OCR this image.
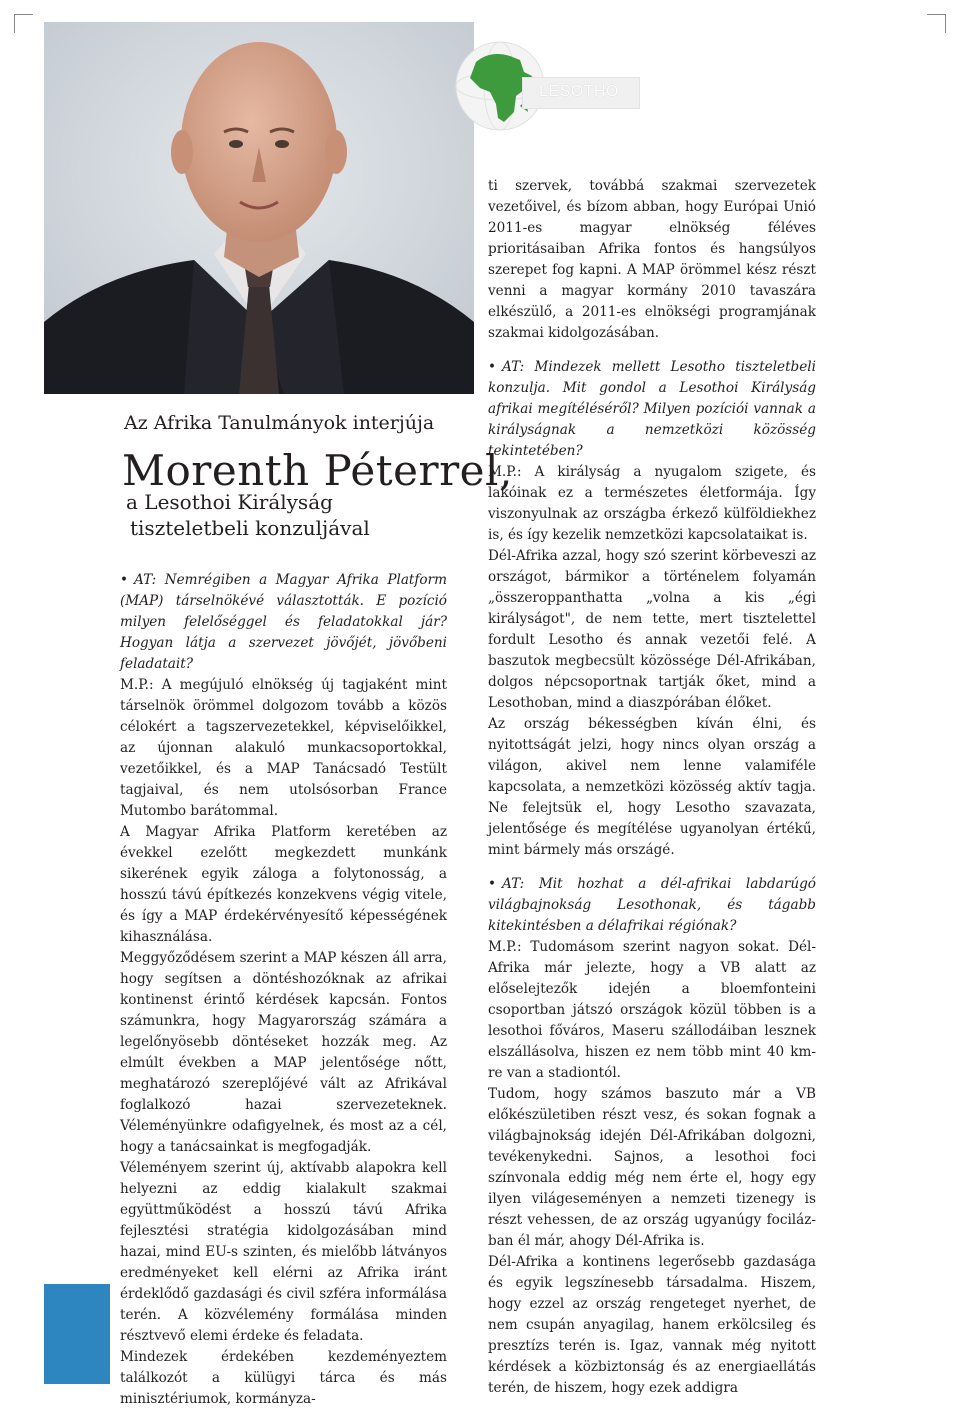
LESOTHO
Az Afrika Tanulmányok interjúja
Morenth Péterrel,
a Lesothoi Királyság
tiszteletbeli konzuljával

• AT: Nemrégiben a Magyar Afrika Platform (MAP) társelnökévé választották. E pozíció milyen felelőséggel és feladatokkal jár? Hogyan látja a szervezet jövőjét, jövőbeni feladatait?

M.P.: A megújuló elnökség új tagjaként mint társelnök örömmel dolgozom tovább a közös célokért a tagszervezetekkel, képviselőikkel, az újonnan alakuló munkacsoportokkal, vezetőikkel, és a MAP Tanácsadó Testült tagjaival, és nem utolsósorban France Mutombo barátommal.

A Magyar Afrika Platform keretében az évekkel ezelőtt megkezdett munkánk sikerének egyik záloga a folytonosság, a hosszú távú építkezés konzekvens végig vitele, és így a MAP érdekérvényesítő képességének kihasználása.

Meggyőződésem szerint a MAP készen áll arra, hogy segítsen a döntéshozóknak az afrikai kontinenst érintő kérdések kapcsán. Fontos számunkra, hogy Magyarország számára a legelőnyösebb döntéseket hozzák meg. Az elmúlt években a MAP jelentősége nőtt, meghatározó szereplőjévé vált az Afrikával foglalkozó hazai szervezeteknek. Véleményünkre odafigyelnek, és most az a cél, hogy a tanácsainkat is megfogadják.

Véleményem szerint új, aktívabb alapokra kell helyezni az eddig kialakult szakmai együttműködést a hosszú távú Afrika fejlesztési stratégia kidolgozásában mind hazai, mind EU-s szinten, és mielőbb látványos eredményeket kell elérni az Afrika iránt érdeklődő gazdasági és civil szféra informálása terén. A közvélemény formálása minden résztvevő elemi érdeke és feladata.

Mindezek érdekében kezdeményeztem találkozót a külügyi tárca és más minisztériumok, kormányza-

ti szervek, továbbá szakmai szervezetek vezetőivel, és bízom abban, hogy Európai Unió 2011-es magyar elnökség féléves prioritásaiban Afrika fontos és hangsúlyos szerepet fog kapni. A MAP örömmel kész részt venni a magyar kormány 2010 tavaszára elkészülő, a 2011-es elnökségi programjának szakmai kidolgozásában.

• AT: Mindezek mellett Lesotho tiszteletbeli konzulja. Mit gondol a Lesothoi Királyság afrikai megítéléséről? Milyen pozíciói vannak a királyságnak a nemzetközi közösség tekintetében?

M.P.: A királyság a nyugalom szigete, és lakóinak ez a természetes életformája. Így viszonyulnak az országba érkező külföldiekhez is, és így kezelik nemzetközi kapcsolataikat is.

Dél-Afrika azzal, hogy szó szerint körbeveszi az országot, bármikor a történelem folyamán „összeroppanthatta „volna a kis „égi királyságot", de nem tette, mert tisztelettel fordult Lesotho és annak vezetői felé. A baszutok megbecsült közössége Dél-Afrikában, dolgos népcsoportnak tartják őket, mind a Lesothoban, mind a diaszpórában élőket.

Az ország békességben kíván élni, és nyitottságát jelzi, hogy nincs olyan ország a világon, akivel nem lenne valamiféle kapcsolata, a nemzetközi közösség aktív tagja. Ne felejtsük el, hogy Lesotho szavazata, jelentősége és megítélése ugyanolyan értékű, mint bármely más országé.

• AT: Mit hozhat a dél-afrikai labdarúgó világbajnokság Lesothonak, és tágabb kitekintésben a délafrikai régiónak?

M.P.: Tudomásom szerint nagyon sokat. Dél-Afrika már jelezte, hogy a VB alatt az előselejtezők idején a bloemfonteini csoportban játszó országok közül többen is a lesothoi főváros, Maseru szállodáiban lesznek elszállásolva, hiszen ez nem több mint 40 km-re van a stadiontól.

Tudom, hogy számos baszuto már a VB előkészületiben részt vesz, és sokan fognak a világbajnokság idején Dél-Afrikában dolgozni, tevékenykedni. Sajnos, a lesothoi foci színvonala eddig még nem érte el, hogy egy ilyen világeseményen a nemzeti tizenegy is részt vehessen, de az ország ugyanúgy fociláz-ban él már, ahogy Dél-Afrika is.

Dél-Afrika a kontinens legerősebb gazdasága és egyik legszínesebb társadalma. Hiszem, hogy ezzel az ország rengeteget nyerhet, de nem csupán anyagilag, hanem erkölcsileg és presztízs terén is. Igaz, vannak még nyitott kérdések a közbiztonság és az energiaellátás terén, de hiszem, hogy ezek addigra

24
